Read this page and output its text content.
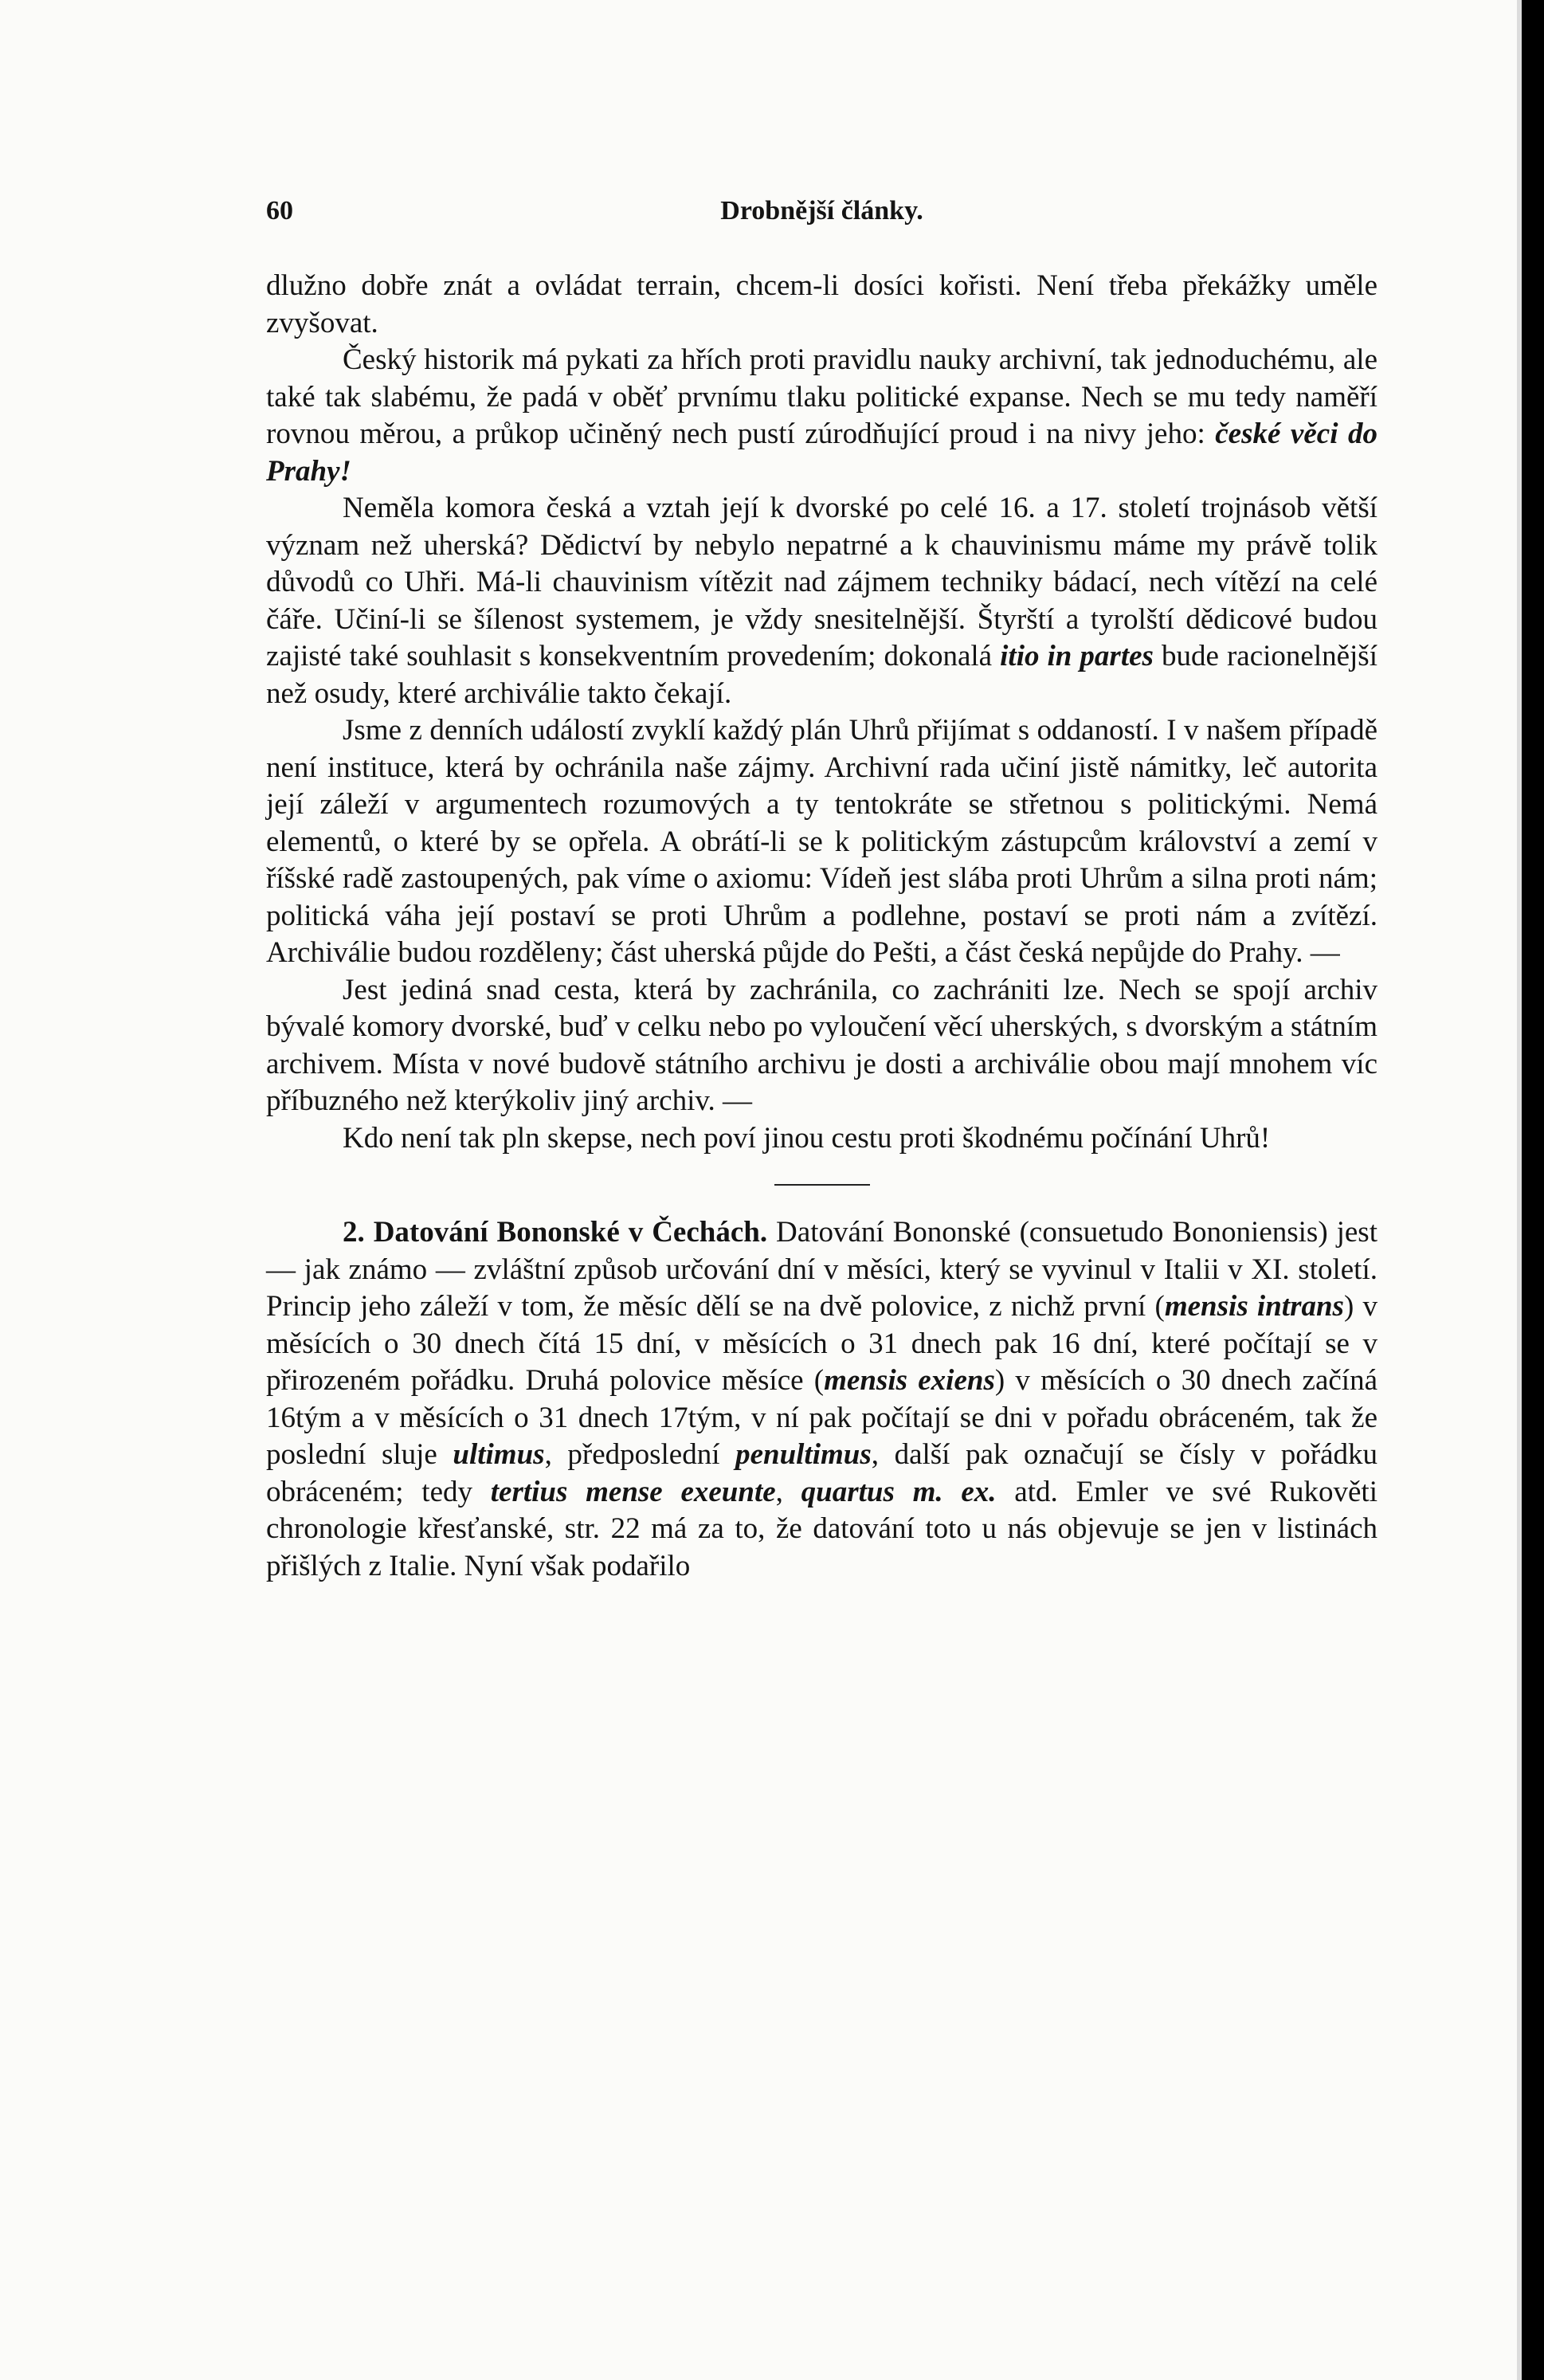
60	Drobnější články.

dlužno dobře znát a ovládat terrain, chcem-li dosíci kořisti. Není třeba překážky uměle zvyšovat.

Český historik má pykati za hřích proti pravidlu nauky archivní, tak jednoduchému, ale také tak slabému, že padá v oběť prvnímu tlaku politické expanse. Nech se mu tedy naměří rovnou měrou, a průkop učiněný nech pustí zúrodňující proud i na nivy jeho: české věci do Prahy!

Neměla komora česká a vztah její k dvorské po celé 16. a 17. století trojnásob větší význam než uherská? Dědictví by nebylo nepatrné a k chauvinismu máme my právě tolik důvodů co Uhři. Má-li chauvinism vítězit nad zájmem techniky bádací, nech vítězí na celé čáře. Učiní-li se šílenost systemem, je vždy snesitelnější. Štyrští a tyrolští dědicové budou zajisté také souhlasit s konsekventním provedením; dokonalá itio in partes bude racionelnější než osudy, které archiválie takto čekají.

Jsme z denních událostí zvyklí každý plán Uhrů přijímat s oddaností. I v našem případě není instituce, která by ochránila naše zájmy. Archivní rada učiní jistě námitky, leč autorita její záleží v argumentech rozumových a ty tentokráte se střetnou s politickými. Nemá elementů, o které by se opřela. A obrátí-li se k politickým zástupcům království a zemí v říšské radě zastoupených, pak víme o axiomu: Vídeň jest slába proti Uhrům a silna proti nám; politická váha její postaví se proti Uhrům a podlehne, postaví se proti nám a zvítězí. Archiválie budou rozděleny; část uherská půjde do Pešti, a část česká nepůjde do Prahy. —

Jest jediná snad cesta, která by zachránila, co zachrániti lze. Nech se spojí archiv bývalé komory dvorské, buď v celku nebo po vyloučení věcí uherských, s dvorským a státním archivem. Místa v nové budově státního archivu je dosti a archiválie obou mají mnohem víc příbuzného než kterýkoliv jiný archiv. —

Kdo není tak pln skepse, nech poví jinou cestu proti škodnému počínání Uhrů!

2. Datování Bononské v Čechách. Datování Bononské (consuetudo Bononiensis) jest — jak známo — zvláštní způsob určování dní v měsíci, který se vyvinul v Italii v XI. století. Princip jeho záleží v tom, že měsíc dělí se na dvě polovice, z nichž první (mensis intrans) v měsících o 30 dnech čítá 15 dní, v měsících o 31 dnech pak 16 dní, které počítají se v přirozeném pořádku. Druhá polovice měsíce (mensis exiens) v měsících o 30 dnech začíná 16tým a v měsících o 31 dnech 17tým, v ní pak počítají se dni v pořadu obráceném, tak že poslední sluje ultimus, předposlední penultimus, další pak označují se čísly v pořádku obráceném; tedy tertius mense exeunte, quartus m. ex. atd. Emler ve své Rukověti chronologie křesťanské, str. 22 má za to, že datování toto u nás objevuje se jen v listinách přišlých z Italie. Nyní však podařilo
